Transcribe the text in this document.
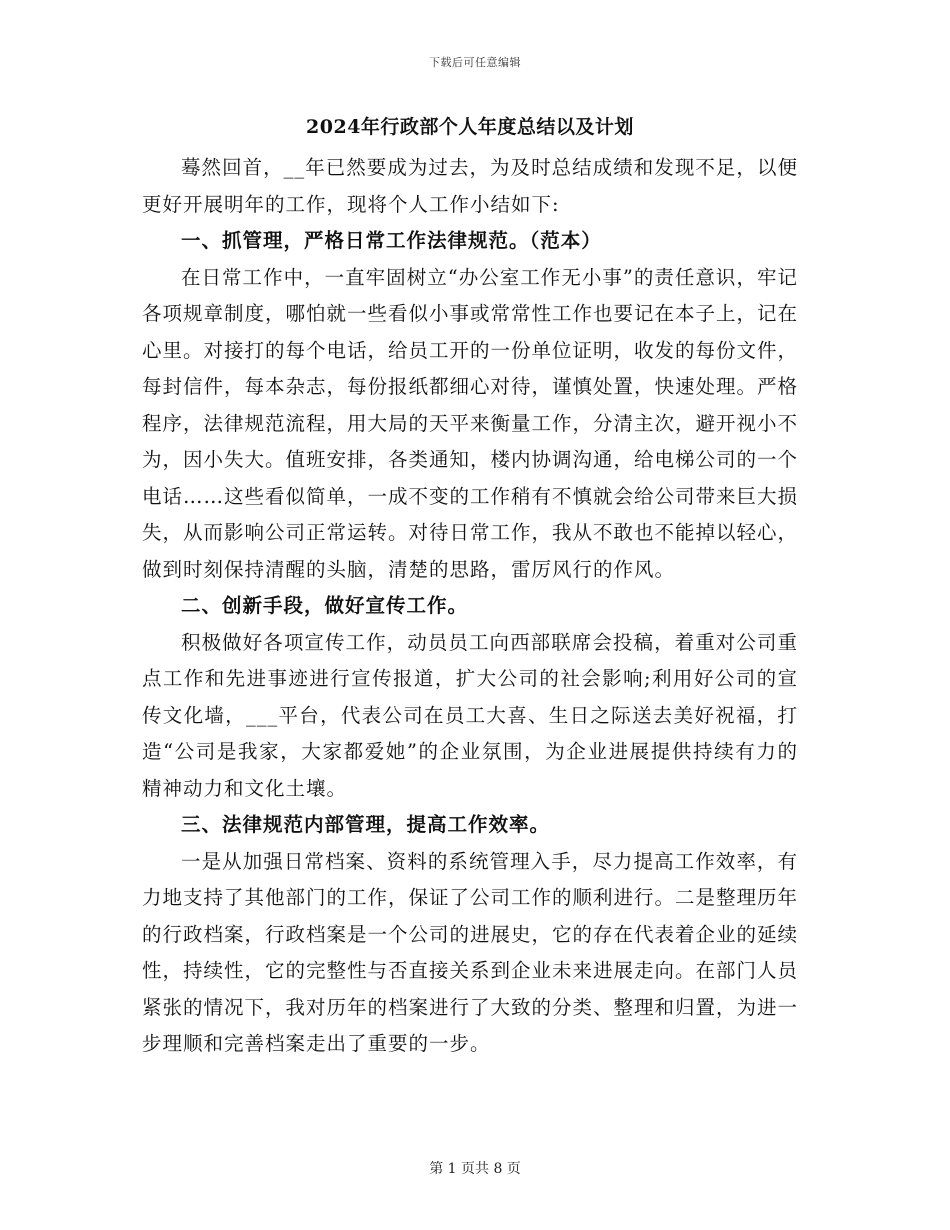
下载后可任意编辑
2024年行政部个人年度总结以及计划

蓦然回首，__年已然要成为过去，为及时总结成绩和发现不足，以便更好开展明年的工作，现将个人工作小结如下:

一、抓管理，严格日常工作法律规范。（范本）

在日常工作中，一直牢固树立“办公室工作无小事”的责任意识，牢记各项规章制度，哪怕就一些看似小事或常常性工作也要记在本子上，记在心里。对接打的每个电话，给员工开的一份单位证明，收发的每份文件，每封信件，每本杂志，每份报纸都细心对待，谨慎处置，快速处理。严格程序，法律规范流程，用大局的天平来衡量工作，分清主次，避开视小不为，因小失大。值班安排，各类通知，楼内协调沟通，给电梯公司的一个电话……这些看似简单，一成不变的工作稍有不慎就会给公司带来巨大损失，从而影响公司正常运转。对待日常工作，我从不敢也不能掉以轻心，做到时刻保持清醒的头脑，清楚的思路，雷厉风行的作风。

二、创新手段，做好宣传工作。

积极做好各项宣传工作，动员员工向西部联席会投稿，着重对公司重点工作和先进事迹进行宣传报道，扩大公司的社会影响;利用好公司的宣传文化墙，___平台，代表公司在员工大喜、生日之际送去美好祝福，打造“公司是我家，大家都爱她”的企业氛围，为企业进展提供持续有力的精神动力和文化土壤。

三、法律规范内部管理，提高工作效率。

一是从加强日常档案、资料的系统管理入手，尽力提高工作效率，有力地支持了其他部门的工作，保证了公司工作的顺利进行。二是整理历年的行政档案，行政档案是一个公司的进展史，它的存在代表着企业的延续性，持续性，它的完整性与否直接关系到企业未来进展走向。在部门人员紧张的情况下，我对历年的档案进行了大致的分类、整理和归置，为进一步理顺和完善档案走出了重要的一步。

第 1 页共 8 页
